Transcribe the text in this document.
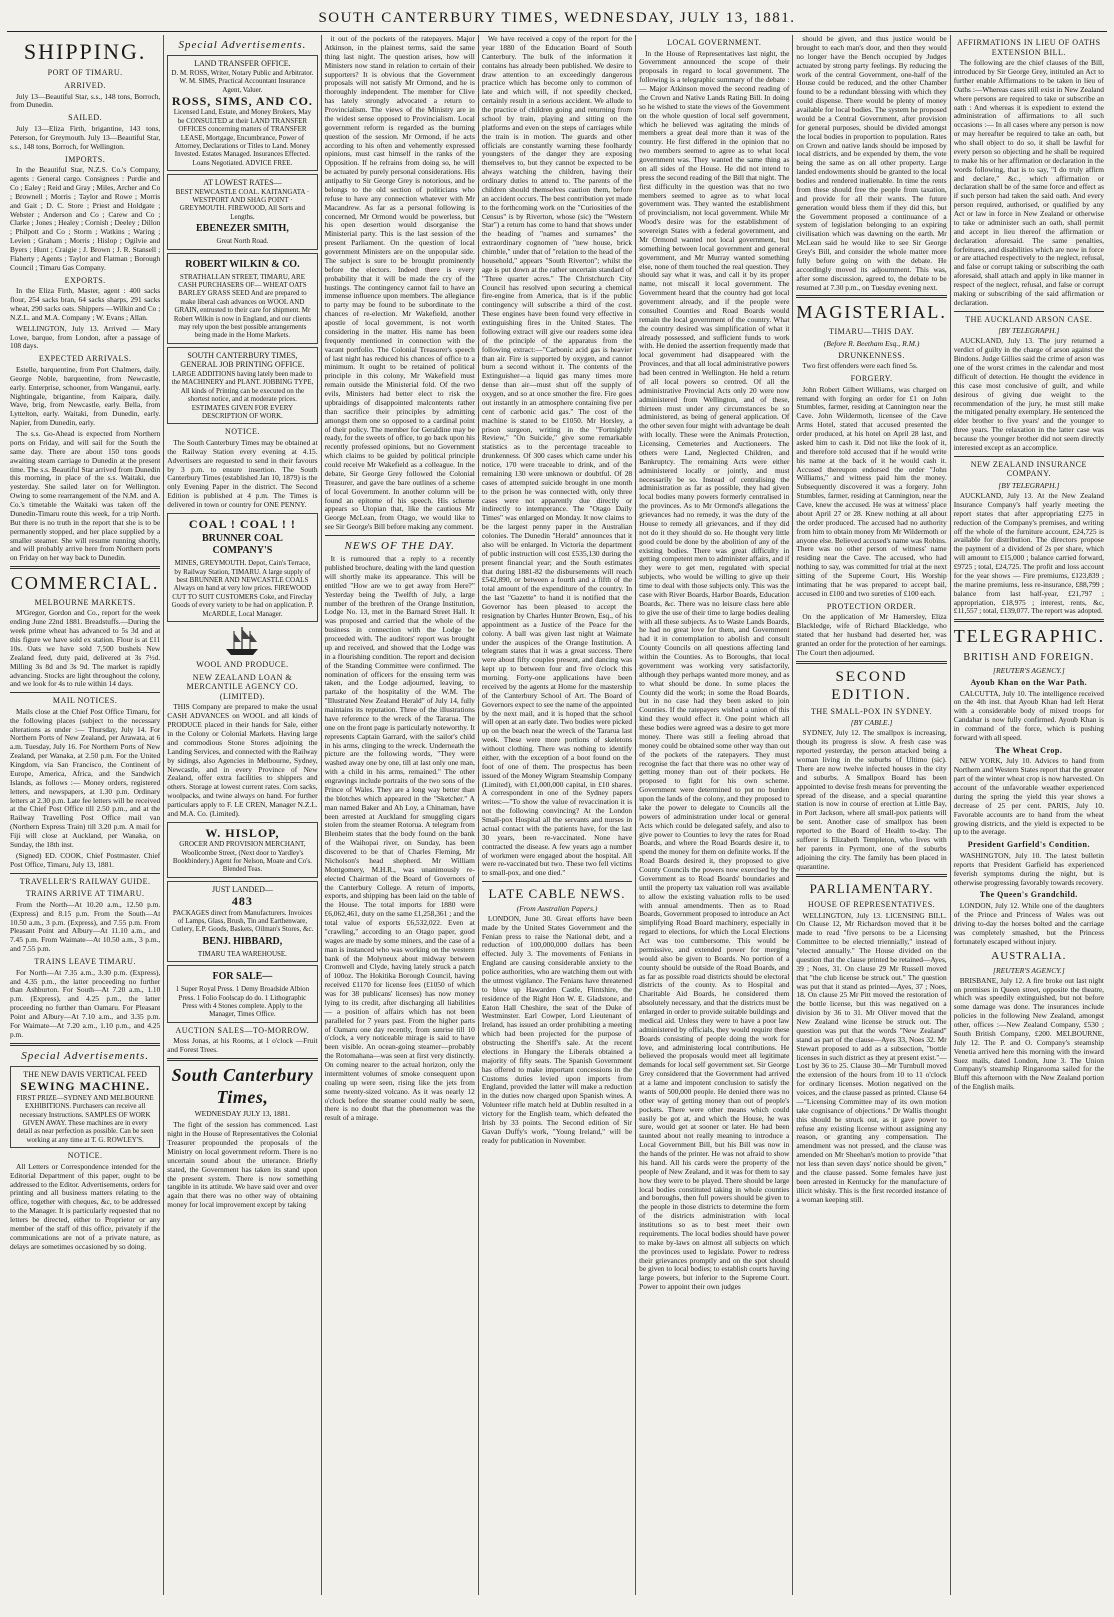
SOUTH CANTERBURY TIMES, WEDNESDAY, JULY 13, 1881.
SHIPPING.
PORT OF TIMARU.
ARRIVED.

July 13—Beautiful Star, s.s., 148 tons, Borroch, from Dunedin.

SAILED.

July 13—Eliza Firth, brigantine, 143 tons, Peterson, for Greymouth. July 13—Beautiful Star, s.s., 148 tons, Borroch, for Wellington.

IMPORTS.

In the Beautiful Star, N.Z.S. Co.'s Company, agents : General cargo. Consignees : Purdie and Co ; Ealey ; Reid and Gray ; Miles, Archer and Co ; Brownell ; Morris ; Taylor and Rowe ; Morris and Gait ; D. C. Store ; Priest and Holdgate ; Webster ; Anderson and Co ; Carew and Co ; Clarke ; Jones ; Healey ; Cornish ; Deeley ; Dillon ; Philpott and Co ; Storm ; Watkins ; Waring ; Levien ; Graham ; Morris ; Hislop ; Ogilvie and Byers ; Hunt ; Craigie ; J. Brown ; J. R. Stansell ; Flaherty ; Agents ; Taylor and Flatman ; Borough Council ; Timaru Gas Company.

EXPORTS.

In the Eliza Firth, Master, agent : 400 sacks flour, 254 sacks bran, 64 sacks sharps, 291 sacks wheat, 290 sacks oats. Shippers —Wilkin and Co ; N.Z.L. and M.A. Company ; W. Evans ; Allan.

WELLINGTON, July 13. Arrived — Mary Lowe, barque, from London, after a passage of 108 days.

EXPECTED ARRIVALS.

Estelle, barquentine, from Port Chalmers, daily. George Noble, barquentine, from Newcastle, early. Enterprise, schooner, from Wanganui, early. Nightingale, brigantine, from Kaipara, daily. Wave, brig, from Newcastle, early. Bella, from Lyttelton, early. Waitaki, from Dunedin, early. Napier, from Dunedin, early.

The s.s. Go-Ahead is expected from Northern ports on Friday, and will sail for the South the same day. There are about 150 tons goods awaiting steam carriage to Dunedin at the present time. The s.s. Beautiful Star arrived from Dunedin this morning, in place of the s.s. Waitaki, due yesterday. She sailed later on for Wellington. Owing to some rearrangement of the N.M. and A. Co.'s timetable the Waitaki was taken off the Dunedin-Timaru route this week, for a trip North. But there is no truth in the report that she is to be permanently stopped, and her place supplied by a smaller steamer. She will resume running shortly, and will probably arrive here from Northern ports on Friday on her way back to Dunedin.

COMMERCIAL.
MELBOURNE MARKETS.

M'Gregor, Gordon and Co., report for the week ending June 22nd 1881. Breadstuffs.—During the week prime wheat has advanced to 5s 3d and at this figure we have sold ex station. Flour is at £11 10s. Oats we have sold 7,500 bushels New Zealand feed, duty paid, delivered at 3s 7½d. Milling 3s 8d and 3s 9d. The market is rapidly advancing. Stocks are light throughout the colony, and we look for 4s to rule within 14 days.

MAIL NOTICES.

Mails close at the Chief Post Office Timaru, for the following places (subject to the necessary alterations as under :— Thursday, July 14. For Northern Ports of New Zealand, per Arawata, at 6 a.m. Tuesday, July 16. For Northern Ports of New Zealand, per Wanaka, at 2.50 p.m. For the United Kingdom, via San Francisco, the Continent of Europe, America, Africa, and the Sandwich Islands, as follows :— Money orders, registered letters, and newspapers, at 1.30 p.m. Ordinary letters at 2.30 p.m. Late fee letters will be received at the Chief Post Office till 2.50 p.m., and at the Railway Travelling Post Office mail van (Northern Express Train) till 3.20 p.m. A mail for Fiji will close at Auckland, per Wanaka, on Sunday, the 18th inst.

(Signed) ED. COOK, Chief Postmaster. Chief Post Office, Timaru, July 13, 1881.

TRAVELLER'S RAILWAY GUIDE.
TRAINS ARRIVE AT TIMARU.

From the North—At 10.20 a.m., 12.50 p.m. (Express) and 8.15 p.m. From the South—At 10.50 a.m., 3 p.m. (Express), and 7.55 p.m. From Pleasant Point and Albury—At 11.10 a.m., and 7.45 p.m. From Waimate—At 10.50 a.m., 3 p.m., and 7.55 p.m.

TRAINS LEAVE TIMARU.

For North—At 7.35 a.m., 3.30 p.m. (Express), and 4.35 p.m., the latter proceeding no further than Ashburton. For South—At 7.20 a.m., 1.10 p.m. (Express), and 4.25 p.m., the latter proceeding no further than Oamaru. For Pleasant Point and Albury—At 7.10 a.m., and 3.35 p.m. For Waimate—At 7.20 a.m., 1.10 p.m., and 4.25 p.m.

Special Advertisements.
THE NEW DAVIS VERTICAL FEED
SEWING MACHINE.
FIRST PRIZE—SYDNEY AND MELBOURNE EXHIBITIONS. Purchasers can receive all necessary Instructions. SAMPLES OF WORK GIVEN AWAY. These machines are in every detail as near perfection as possible. Can be seen working at any time at T. G. ROWLEY'S.
NOTICE.

All Letters or Correspondence intended for the Editorial Department of this paper, ought to be addressed to the Editor. Advertisements, orders for printing and all business matters relating to the office, together with cheques, &c, to be addressed to the Manager. It is particularly requested that no letters be directed, either to Proprietor or any member of the staff of this office, privately if the communications are not of a private nature, as delays are sometimes occasioned by so doing.

Special Advertisements.
LAND TRANSFER OFFICE.
D. M. ROSS, Writer, Notary Public and Arbitrator. W. M. SIMS, Practical Accountant Insurance Agent, Valuer.
ROSS, SIMS, AND CO.
Licensed Land, Estate, and Money Brokers, May be CONSULTED at their LAND TRANSFER OFFICES concerning matters of TRANSFER LEASE, Mortgage, Encumbrance, Power of Attorney, Declarations or Titles to Land. Money Invested. Estates Managed. Insurances Effected. Loans Negotiated. ADVICE FREE.
AT LOWEST RATES—
BEST NEWCASTLE COAL. KAITANGATA · WESTPORT AND SHAG POINT · GREYMOUTH. FIREWOOD, All Sorts and Lengths.
EBENEZER SMITH,
Great North Road.
ROBERT WILKIN & CO.
STRATHALLAN STREET, TIMARU, ARE CASH PURCHASERS OF— WHEAT OATS BARLEY GRASS SEED And are prepared to make liberal cash advances on WOOL AND GRAIN, entrusted to their care for shipment. Mr Robert Wilkin is now in England, and our clients may rely upon the best possible arrangements being made in the Home Markets.
SOUTH CANTERBURY TIMES, GENERAL JOB PRINTING OFFICE.
LARGE ADDITIONS having lately been made to the MACHINERY and PLANT. JOBBING TYPE, All kinds of Printing can be executed on the shortest notice, and at moderate prices. ESTIMATES GIVEN FOR EVERY DESCRIPTION OF WORK.
NOTICE.

The South Canterbury Times may be obtained at the Railway Station every evening at 4.15. Advertisers are requested to send in their favours by 3 p.m. to ensure insertion. The South Canterbury Times (established Jan 10, 1879) is the only Evening Paper in the district. The Second Edition is published at 4 p.m. The Times is delivered in town or country for ONE PENNY.

COAL ! COAL ! !
BRUNNER COAL COMPANY'S
MINES, GREYMOUTH. Depot, Cain's Terrace, by Railway Station, TIMARU. A large supply of best BRUNNER AND NEWCASTLE COALS Always on hand at very low prices. FIREWOOD CUT TO SUIT CUSTOMERS Coke, and Fireclay Goods of every variety to be had on application. P. McARDLE, Local Manager.
WOOL AND PRODUCE.
NEW ZEALAND LOAN & MERCANTILE AGENCY CO. (LIMITED).

THIS Company are prepared to make the usual CASH ADVANCES on WOOL and all kinds of PRODUCE placed in their hands for Sale, either in the Colony or Colonial Markets. Having large and commodious Stone Stores adjoining the Landing Services, and connected with the Railway by sidings, also Agencies in Melbourne, Sydney, Newcastle, and in every Province of New Zealand, offer extra facilities to shippers and others. Storage at lowest current rates. Corn sacks, woolpacks, and twine always on hand. For further particulars apply to F. LE CREN, Manager N.Z.L. and M.A. Co. (Limited).

W. HISLOP,
GROCER AND PROVISION MERCHANT, Woollcombe Street, (Next door to Yardley's Bookbindery.) Agent for Nelson, Moate and Co's. Blended Teas.
JUST LANDED—
483
PACKAGES direct from Manufacturers. Invoices of Lamps, Glass, Brush, Tin and Earthenware, Cutlery, E.P. Goods, Baskets, Oilman's Stores, &c.
BENJ. HIBBARD,
TIMARU TEA WAREHOUSE.
FOR SALE—
1 Super Royal Press. 1 Demy Broadside Albion Press. 1 Folio Foolscap do do. 1 Lithographic Press with 4 Stones complete. Apply to the Manager, Times Office.
AUCTION SALES—TO-MORROW.

Moss Jonas, at his Rooms, at 1 o'clock —Fruit and Forest Trees.

South Canterbury Times,
WEDNESDAY JULY 13, 1881.

The fight of the session has commenced. Last night in the House of Representatives the Colonial Treasurer propounded the proposals of the Ministry on local government reform. There is no uncertain sound about the utterance. Briefly stated, the Government has taken its stand upon the present system. There is now something tangible in its attitude. We have said over and over again that there was no other way of obtaining money for local improvement except by taking

it out of the pockets of the ratepayers. Major Atkinson, in the plainest terms, said the same thing last night. The question arises, how will Ministers now stand in relation to certain of their supporters? It is obvious that the Government proposals will not satisfy Mr Ormond, and he is thoroughly independent. The member for Clive has lately strongly advocated a return to Provincialism. The views of the Ministry are in the widest sense opposed to Provincialism. Local government reform is regarded as the burning question of the session. Mr Ormond, if he acts according to his often and vehemently expressed opinions, must cast himself in the ranks of the Opposition. If he refrains from doing so, he will be actuated by purely personal considerations. His antipathy to Sir George Grey is notorious, and he belongs to the old section of politicians who refuse to have any connection whatever with Mr Macandrew. As far as a personal following is concerned, Mr Ormond would be powerless, but his open desertion would disorganise the Ministerial party. This is the last session of the present Parliament. On the question of local government Ministers are on the unpopular side. The subject is sure to be brought prominently before the electors. Indeed there is every probability that it will be made the cry of the hustings. The contingency cannot fail to have an immense influence upon members. The allegiance to party may be found to be subordinate to the chances of re-election. Mr Wakefield, another apostle of local government, is not worth considering in the matter. His name has been frequently mentioned in connection with the vacant portfolio. The Colonial Treasurer's speech of last night has reduced his chances of office to a minimum. It ought to be retained of political principle in this colony, Mr Wakefield must remain outside the Ministerial fold. Of the two evils, Ministers had better elect to risk the upbraidings of disappointed malcontents rather than sacrifice their principles by admitting amongst them one so opposed to a cardinal point of their policy. The member for Geraldine may be ready, for the sweets of office, to go back upon his recently professed opinions, but no Government which claims to be guided by political principle could receive Mr Wakefield as a colleague. In the debate, Sir George Grey followed the Colonial Treasurer, and gave the bare outlines of a scheme of local Government. In another column will be found an epitome of his speech. His scheme appears so Utopian that, like the cautious Mr George McLean, from Otago, we would like to see Sir George's Bill before making any comment.

NEWS OF THE DAY.

It is rumoured that a reply to a recently published brochure, dealing with the land question will shortly make its appearance. This will be entitled "How are we to get away from Here?" Yesterday being the Twelfth of July, a large number of the brethren of the Orange Institution, Lodge No. 13, met in the Barnard Street Hall. It was proposed and carried that the whole of the business in connection with the Lodge be proceeded with. The auditors' report was brought up and received, and showed that the Lodge was in a flourishing condition. The report and decision of the Standing Committee were confirmed. The nomination of officers for the ensuing term was taken, and the Lodge adjourned, leaving, to partake of the hospitality of the W.M. The "Illustrated New Zealand Herald" of July 14, fully maintains its reputation. Three of the illustrations have reference to the wreck of the Tararua. The one on the front page is particularly noteworthy. It represents Captain Garrard, with the sailor's child in his arms, clinging to the wreck. Underneath the picture are the following words, "They were washed away one by one, till at last only one man, with a child in his arms, remained." The other engravings include portraits of the two sons of the Prince of Wales. They are a long way better than the blotches which appeared in the "Sketcher." A man named Baker and Ah Loy, a Chinaman, have been arrested at Auckland for smuggling cigars stolen from the steamer Rotorua. A telegram from Blenheim states that the body found on the bank of the Waihopai river, on Sunday, has been discovered to be that of Charles Fleming, Mr Nicholson's head shepherd. Mr William Montgomery, M.H.R., was unanimously re-elected Chairman of the Board of Governors of the Canterbury College. A return of imports, exports, and shipping has been laid on the table of the House. The total imports for 1880 were £6,062,461, duty on the same £1,258,361 ; and the total value of exports £6,532,022. Even at "crawling," according to an Otago paper, good wages are made by some miners, and the case of a man is instanced who was working on the western bank of the Molyneux about midway between Cromwell and Clyde, having lately struck a patch of 100oz. The Hokitika Borough Council, having received £1170 for license fees (£1050 of which was for 38 publicans' licenses) has now money lying to its credit, after discharging all liabilities — a position of affairs which has not been paralleled for 7 years past. From the higher parts of Oamaru one day recently, from sunrise till 10 o'clock, a very noticeable mirage is said to have been visible. An ocean-going steamer—probably the Rotomahana—was seen at first very distinctly. On coming nearer to the actual horizon, only the intermittent volumes of smoke consequent upon coaling up were seen, rising like the jets from some twenty-sized volcano. As it was nearly 12 o'clock before the steamer could really be seen, there is no doubt that the phenomenon was the result of a mirage.

We have received a copy of the report for the year 1880 of the Education Board of South Canterbury. The bulk of the information it contains has already been published. We desire to draw attention to an exceedingly dangerous practice which has become only to common of late and which will, if not speedily checked, certainly result in a serious accident. We allude to the practice of children going and returning from school by train, playing and sitting on the platforms and even on the steps of carriages while the train is in motion. The guards and other officials are constantly warning these foolhardy youngsters of the danger they are exposing themselves to, but they cannot be expected to be always watching the children, having their ordinary duties to attend to. The parents of the children should themselves caution them, before an accident occurs. The best contribution yet made to the forthcoming work on the "Curiosities of the Census" is by Riverton, whose (sic) the "Western Star") a return has come to hand that shows under the heading of "names and surnames" the extraordinary cognomen of "new house, brick chimble," under that of "relation to the head of the household," appears "South Riverton"; whilst the age is put down at the rather uncertain standard of "Three quarter acres." The Christchurch City Council has resolved upon securing a chemical fire-engine from America, that is if the public contingency will subscribe a third of the cost. These engines have been found very effective in extinguishing fires in the United States. The following extract will give our readers some idea of the principle of the apparatus from the following extract:—"Carbonic acid gas is heavier than air. Fire is supported by oxygen, and cannot burn a second without it. The contents of the Extinguisher—a liquid gas many times more dense than air—must shut off the supply of oxygen, and so at once smother the fire. Fire goes out instantly in an atmosphere containing five per cent of carbonic acid gas." The cost of the machine is stated to be £1050. Mr Horsley, a prison surgeon, writing in the "Fortnightly Review," "On Suicide," give some remarkable statistics as to the percentage traceable to drunkenness. Of 300 cases which came under his notice, 170 were traceable to drink, and of the remaining 130 were unknown or doubtful. Of 28 cases of attempted suicide brought in one month to the prison he was connected with, only three cases were not apparently due directly or indirectly to intemperance. The "Otago Daily Times" was enlarged on Monday. It now claims to be the largest penny paper in the Australian colonies. The Dunedin "Herald" announces that it also will be enlarged. In Victoria the department of public instruction will cost £535,130 during the present financial year; and the South estimates that during 1881-82 the disbursements will reach £542,890, or between a fourth and a fifth of the total amount of the expenditure of the country. In the last "Gazette" to hand it is notified that the Governor has been pleased to accept the resignation by Charles Hunter Brown, Esq., of his appointment as a Justice of the Peace for the colony. A ball was given last night at Waimate under the auspices of the Orange Institution. A telegram states that it was a great success. There were about fifty couples present, and dancing was kept up to between four and five o'clock this morning. Forty-one applications have been received by the agents at Home for the mastership of the Canterbury School of Art. The Board of Governors expect to see the name of the appointed by the next mail, and it is hoped that the school will open at an early date. Two bodies were picked up on the beach near the wreck of the Tararua last week. These were more portions of skeletons without clothing. There was nothing to identify either, with the exception of a boot found on the foot of one of them. The prospectus has been issued of the Money Wigram Steamship Company (Limited), with £1,000,000 capital, in £10 shares. A correspondent in one of the Sydney papers writes:—"To show the value of revaccination it is not the following convincing? At the London Small-pox Hospital all the servants and nurses in actual contact with the patients have, for the last 30 years, been re-vaccinated. None have contracted the disease. A few years ago a number of workmen were engaged about the hospital. All were re-vaccinated but two. These two fell victims to small-pox, and one died."

LATE CABLE NEWS.
(From Australian Papers.)

LONDON, June 30. Great efforts have been made by the United States Government and the Fenian press to raise the National debt, and a reduction of 100,000,000 dollars has been effected. July 3. The movements of Fenians in England are causing considerable anxiety to the police authorities, who are watching them out with the utmost vigilance. The Fenians have threatened to blow up Hawarden Castle, Flintshire, the residence of the Right Hon W. E. Gladstone, and Eaton Hall Cheshire, the seat of the Duke of Westminster. Earl Cowper, Lord Lieutenant of Ireland, has issued an order prohibiting a meeting which had been projected for the purpose of obstructing the Sheriff's sale. At the recent elections in Hungary the Liberals obtained a majority of fifty seats. The Spanish Government has offered to make important concessions in the Customs duties levied upon imports from England, provided the latter will make a reduction in the duties now charged upon Spanish wines. A Volunteer rifle match held at Dublin resulted in a victory for the English team, which defeated the Irish by 33 points. The Second edition of Sir Gavan Duffy's work, "Young Ireland," will be ready for publication in November.

LOCAL GOVERNMENT.

In the House of Representatives last night, the Government announced the scope of their proposals in regard to local government. The following is a telegraphic summary of the debate :— Major Atkinson moved the second reading of the Crown and Native Lands Rating Bill. In doing so he wished to state the views of the Government on the whole question of local self government, which he believed was agitating the minds of members a great deal more than it was of the country. He first differed in the opinion that no two members seemed to agree as to what local government was. They wanted the same thing as on all sides of the House. He did not intend to press the second reading of the Bill that night. The first difficulty in the question was that no two members seemed to agree as to what local government was. They wanted the establishment of provincialism, not local government. While Mr Wood's desire was for the establishment of sovereign States with a federal government, and Mr Ormond wanted not local government, but something between local government and general government, and Mr Murray wanted something else, none of them touched the real question. They should say what it was, and call it by its proper name, not miscall it local government. The Government heard that the country had got local government already, and if the people were consulted Counties and Road Boards would remain the local government of the country. What the country desired was simplification of what it already possessed, and sufficient funds to work with. He denied the assertion frequently made that local government had disappeared with the Provinces, and that all local administrative powers had been centred in Wellington. He held a return of all local powers so centred. Of all the administrative Provincial Acts only 20 were now administered from Wellington, and of these, thirteen must under any circumstances be so administered, as being of general application. Of the other seven four might with advantage be dealt with locally. These were the Animals Protection, Licensing, Cemeteries and Auctioneers. The others were Land, Neglected Children, and Bankruptcy. The remaining Acts were either administered locally or jointly, and must necessarily be so. Instead of centralising the administration as far as possible, they had given local bodies many powers formerly centralised in the provinces. As to Mr Ormond's allegations the grievances had no remedy, it was the duty of the House to remedy all grievances, and if they did not do it they should do so. He thought very little good could be done by the abolition of any of the existing bodies. There was great difficulty in getting competent men to administer affairs, and if they were to get men, regulated with special subjects, who would be willing to give up their time to deal with those subjects only. This was the case with River Boards, Harbor Boards, Education Boards, &c. There was no leisure class here able to give the use of their time to large bodies dealing with all these subjects. As to Waste Lands Boards, he had no great love for them, and Government had it in contemplation to abolish and consult County Councils on all questions affecting land within the Counties. As to Boroughs, that local government was working very satisfactorily, although they perhaps wanted more money, and as to what should be done. In some places the County did the work; in some the Road Boards, but in no case had they been asked to join Counties. If the ratepayers wished a union of this kind they would effect it. One point which all these bodies were agreed was a desire to get more money. There was still a feeling abroad that money could be obtained some other way than out of the pockets of the ratepayers. They must recognise the fact that there was no other way of getting money than out of their pockets. He proposed to fight for his own scheme. Government were determined to put no burden upon the lands of the colony, and they proposed to take the power to delegate to Councils all the powers of administration under local or general Acts which could be delegated safely, and also to give power to Counties to levy the rates for Road Boards, and where the Road Boards desire it, to spend the money for them on definite works. If the Road Boards desired it, they proposed to give County Councils the powers now exercised by the Government as to Road Boards' boundaries and until the property tax valuation roll was available to allow the existing valuation rolls to be used with annual amendments. Then as to Road Boards, Government proposed to introduce an Act simplifying Road Board machinery, especially in regard to elections, for which the Local Elections Act was too cumbersome. This would be permissive, and extended power for merging would also be given to Boards. No portion of a county should be outside of the Road Boards, and as far as possible road districts should be electoral districts of the county. As to Hospital and Charitable Aid Boards, he considered them absolutely necessary, and that the districts must be enlarged in order to provide suitable buildings and medical aid. Unless they were to have a poor law administered by officials, they would require these Boards consisting of people doing the work for love, and administering local contributions. He believed the proposals would meet all legitimate demands for local self government set. Sir George Grey considered that the Government had arrived at a lame and impotent conclusion to satisfy the wants of 500,000 people. He denied there was no other way of getting money than out of people's pockets. There were other means which could easily be got at, and which the House, he was sure, would get at sooner or later. He had been taunted about not really meaning to introduce a Local Government Bill, but his Bill was now in the hands of the printer. He was not afraid to show his hand. All his cards were the property of the people of New Zealand, and it was for them to say how they were to be played. There should be large local bodies constituted taking in whole counties and boroughs, then full powers should be given to the people in those districts to determine the form of the districts administration with local institutions so as to best meet their own requirements. The local bodies should have power to make by-laws on almost all subjects on which the provinces used to legislate. Power to redress their grievances promptly and on the spot should be given to local bodies; to establish courts having large powers, but inferior to the Supreme Court. Power to appoint their own judges

should be given, and thus justice would be brought to each man's door, and then they would no longer have the Bench occupied by Judges actuated by strong party feelings. By reducing the work of the central Government, one-half of the House could be reduced, and the other Chamber found to be a redundant blessing with which they could dispense. There would be plenty of money available for local bodies. The system he proposed would be a Central Government, after provision for general purposes, should be divided amongst the local bodies in proportion to population. Rates on Crown and native lands should be imposed by local districts, and be expended by them, the vote being the same as on all other property. Large landed endowments should be granted to the local bodies and rendered inalienable. In time the rents from these should free the people from taxation, and provide for all their wants. The future generation would bless them if they did this, but the Government proposed a continuance of a system of legislation belonging to an expiring civilisation which was dawning on the earth. Mr McLean said he would like to see Sir George Grey's Bill, and consider the whole matter more fully before going on with the debate. He accordingly moved its adjournment. This was, after some discussion, agreed to, the debate to be resumed at 7.30 p.m., on Tuesday evening next.

MAGISTERIAL.
TIMARU—THIS DAY.
(Before R. Beetham Esq., R.M.)
DRUNKENNESS.

Two first offenders were each fined 5s.

FORGERY.

John Robert Gilbert Williams, was charged on remand with forging an order for £1 on John Stumbles, farmer, residing at Cannington near the Cave. John Wildermoth, licensee of the Cave Arms Hotel, stated that accused presented the order produced, at his hotel on April 28 last, and asked him to cash it. Did not like the look of it, and therefore told accused that if he would write his name at the back of it he would cash it. Accused thereupon endorsed the order "John Williams," and witness paid him the money. Subsequently discovered it was a forgery. John Stumbles, farmer, residing at Cannington, near the Cave, knew the accused. He was at witness' place about April 27 or 28. Knew nothing at all about the order produced. The accused had no authority from him to obtain money from Mr Wildermoth or anyone else. Believed accused's name was Robins. There was no other person of witness' name residing near the Cave. The accused, who had nothing to say, was committed for trial at the next sitting of the Supreme Court, His Worship intimating that he was prepared to accept bail, accused in £100 and two sureties of £100 each.

PROTECTION ORDER.

On the application of Mr Hamersley, Eliza Blackledge, wife of Richard Blackledge, who stated that her husband had deserted her, was granted an order for the protection of her earnings. The Court then adjourned.

SECOND EDITION.
THE SMALL-POX IN SYDNEY.
[BY CABLE.]

SYDNEY, July 12. The smallpox is increasing, though its progress is slow. A fresh case was reported yesterday, the person attacked being a woman living in the suburbs of Ultimo (sic). There are now twelve infected houses in the city and suburbs. A Smallpox Board has been appointed to devise fresh means for preventing the spread of the disease, and a special quarantine station is now in course of erection at Little Bay, in Port Jackson, where all small-pox patients will be sent. Another case of smallpox has been reported to the Board of Health to-day. The sufferer is Elizabeth Templeton, who lives with her parents in Pyrmont, one of the suburbs adjoining the city. The family has been placed in quarantine.

PARLIAMENTARY.
HOUSE OF REPRESENTATIVES.

WELLINGTON, July 13. LICENSING BILL. On Clause 12, Mr Richardson moved that it be made to read "five persons to be a Licensing Committee to be elected triennially," instead of "elected annually." The House divided on the question that the clause printed be retained—Ayes, 39 ; Noes, 31. On clause 29 Mr Russell moved that "the club license be struck out." The question was put that it stand as printed—Ayes, 37 ; Noes, 18. On clause 25 Mr Pitt moved the restoration of the bottle license, but this was negatived on a division by 36 to 31. Mr Oliver moved that the New Zealand wine license be struck out. The question was put that the words "New Zealand" stand as part of the clause—Ayes 33, Noes 32. Mr Stewart proposed to add as a subsection, "bottle licenses in such district as they at present exist."—Lost by 36 to 25. Clause 30—Mr Turnbull moved the extension of the hours from 10 to 11 o'clock for ordinary licenses. Motion negatived on the voices, and the clause passed as printed. Clause 64—"Licensing Committee may of its own motion take cognisance of objections." Dr Wallis thought this should be struck out, as it gave power to refuse any existing license without assigning any reason, or granting any compensation. The amendment was not pressed, and the clause was amended on Mr Sheehan's motion to provide "that not less than seven days' notice should be given," and the clause passed. Some females have just been arrested in Kentucky for the manufacture of illicit whisky. This is the first recorded instance of a woman keeping still.

AFFIRMATIONS IN LIEU OF OATHS EXTENSION BILL.

The following are the chief clauses of the Bill, introduced by Sir George Grey, intituled an Act to further enable Affirmations to be taken in lieu of Oaths :—Whereas cases still exist in New Zealand where persons are required to take or subscribe an oath : And whereas it is expedient to extend the administration of affirmations to all such occasions :— In all cases where any person is now or may hereafter be required to take an oath, but who shall object to do so, it shall be lawful for every person so objecting and he shall be required to make his or her affirmation or declaration in the words following, that is to say, "I do truly affirm and declare," &c., which affirmation or declaration shall be of the same force and effect as if such person had taken the said oath. And every person required, authorised, or qualified by any Act or law in force in New Zealand or otherwise to take or administer such an oath, shall permit and accept in lieu thereof the affirmation or declaration aforesaid. The same penalties, forfeitures, and disabilities which are now in force or are attached respectively to the neglect, refusal, and false or corrupt taking or subscribing the oath aforesaid, shall attach and apply in like manner in respect of the neglect, refusal, and false or corrupt making or subscribing of the said affirmation or declaration.

THE AUCKLAND ARSON CASE.
[BY TELEGRAPH.]

AUCKLAND, July 13. The jury returned a verdict of guilty in the charge of arson against the Bindons. Judge Gillies said the crime of arson was one of the worst crimes in the calendar and most difficult of detection. He thought the evidence in this case most conclusive of guilt, and while desirous of giving due weight to the recommendation of the jury, he must still make the mitigated penalty exemplary. He sentenced the elder brother to five years' and the younger to three years. The relaxation in the latter case was because the younger brother did not seem directly interested except as an accomplice.

NEW ZEALAND INSURANCE COMPANY.
[BY TELEGRAPH.]

AUCKLAND, July 13. At the New Zealand Insurance Company's half yearly meeting the report states that after appropriating £275 in reduction of the Company's premises, and writing off the whole of the furniture account, £24,725 is available for distribution. The directors propose the payment of a dividend of 2s per share, which will amount to £15,000 ; balance carried forward, £9725 ; total, £24,725. The profit and loss account for the year shows — Fire premiums, £123,839 ; the marine premiums, less re-insurance, £88,799 ; balance from last half-year, £21,797 ; appropriation, £18,975 ; interest, rents, &c, £11,557 ; total, £139,077. The report was adopted.

TELEGRAPHIC.
BRITISH AND FOREIGN.
[REUTER'S AGENCY.]
Ayoub Khan on the War Path.

CALCUTTA, July 10. The intelligence received on the 4th inst. that Ayoub Khan had left Herat with a considerable body of mixed troops for Candahar is now fully confirmed. Ayoub Khan is in command of the force, which is pushing forward with all speed.

The Wheat Crop.

NEW YORK, July 10. Advices to hand from Northern and Western States report that the greater part of the winter wheat crop is now harvested. On account of the unfavorable weather experienced during the spring the yield this year shows a decrease of 25 per cent. PARIS, July 10. Favorable accounts are to hand from the wheat growing districts, and the yield is expected to be up to the average.

President Garfield's Condition.

WASHINGTON, July 10. The latest bulletin reports that President Garfield has experienced feverish symptoms during the night, but is otherwise progressing favorably towards recovery.

The Queen's Grandchild.

LONDON, July 12. While one of the daughters of the Prince and Princess of Wales was out driving to-day the horses bolted and the carriage was completely smashed, but the Princess fortunately escaped without injury.

AUSTRALIA.
[REUTER'S AGENCY.]

BRISBANE, July 12. A fire broke out last night on premises in Queen street, opposite the theatre, which was speedily extinguished, but not before some damage was done. The insurances include policies in the following New Zealand, amongst other, offices :—New Zealand Company, £530 ; South British Company, £200. MELBOURNE, July 12. The P. and O. Company's steamship Venetia arrived here this morning with the inward Suez mails, dated London, June 3. The Union Company's steamship Ringarooma sailed for the Bluff this afternoon with the New Zealand portion of the English mails.
